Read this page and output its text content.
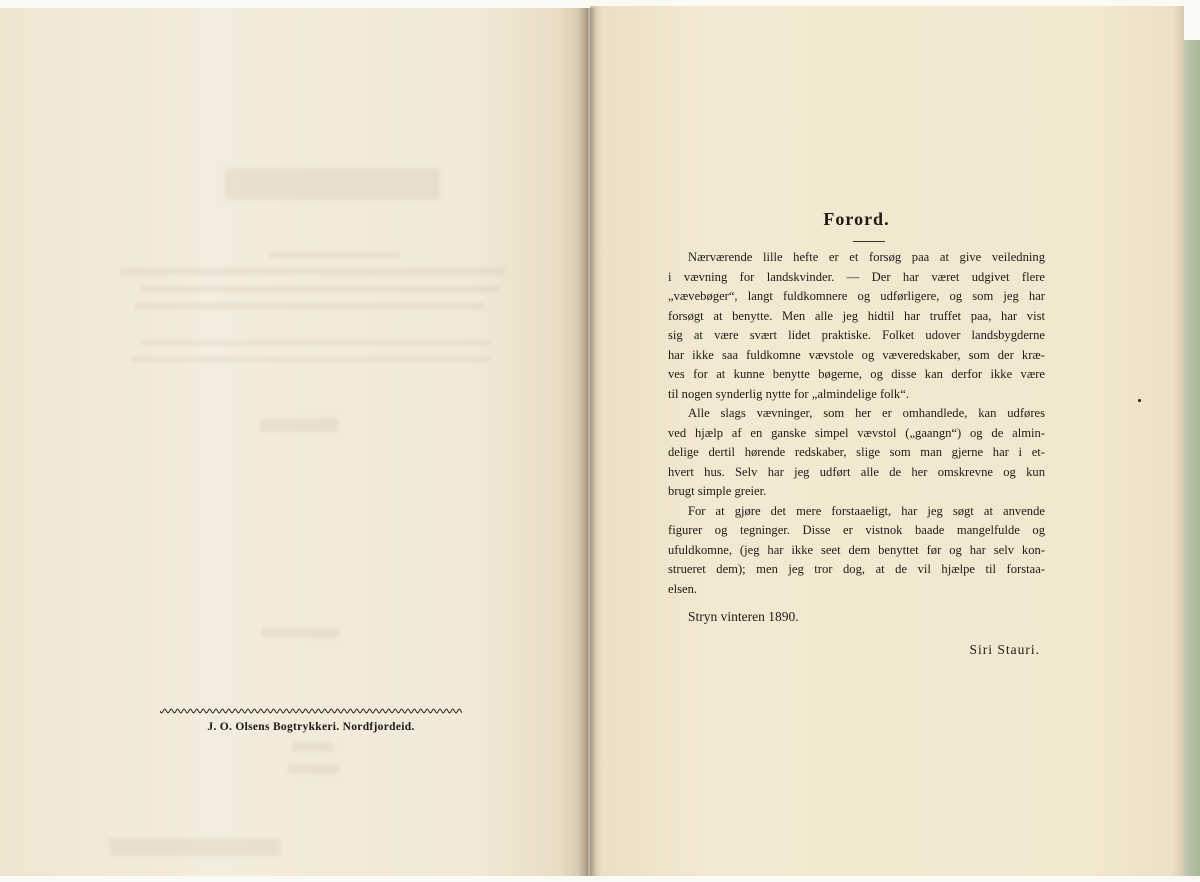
J. O. Olsens Bogtrykkeri. Nordfjordeid.
Forord.
Nærværende lille hefte er et forsøg paa at give veiledning
i vævning for landskvinder. — Der har været udgivet flere
„vævebøger“, langt fuldkomnere og udførligere, og som jeg har
forsøgt at benytte. Men alle jeg hidtil har truffet paa, har vist
sig at være svært lidet praktiske. Folket udover landsbygderne
har ikke saa fuldkomne vævstole og væveredskaber, som der kræ-
ves for at kunne benytte bøgerne, og disse kan derfor ikke være
til nogen synderlig nytte for „almindelige folk“.
Alle slags vævninger, som her er omhandlede, kan udføres
ved hjælp af en ganske simpel vævstol („gaangn“) og de almin-
delige dertil hørende redskaber, slige som man gjerne har i et-
hvert hus. Selv har jeg udført alle de her omskrevne og kun
brugt simple greier.
For at gjøre det mere forstaaeligt, har jeg søgt at anvende
figurer og tegninger. Disse er vistnok baade mangelfulde og
ufuldkomne, (jeg har ikke seet dem benyttet før og har selv kon-
strueret dem); men jeg tror dog, at de vil hjælpe til forstaa-
elsen.
Stryn vinteren 1890.
Siri Stauri.
